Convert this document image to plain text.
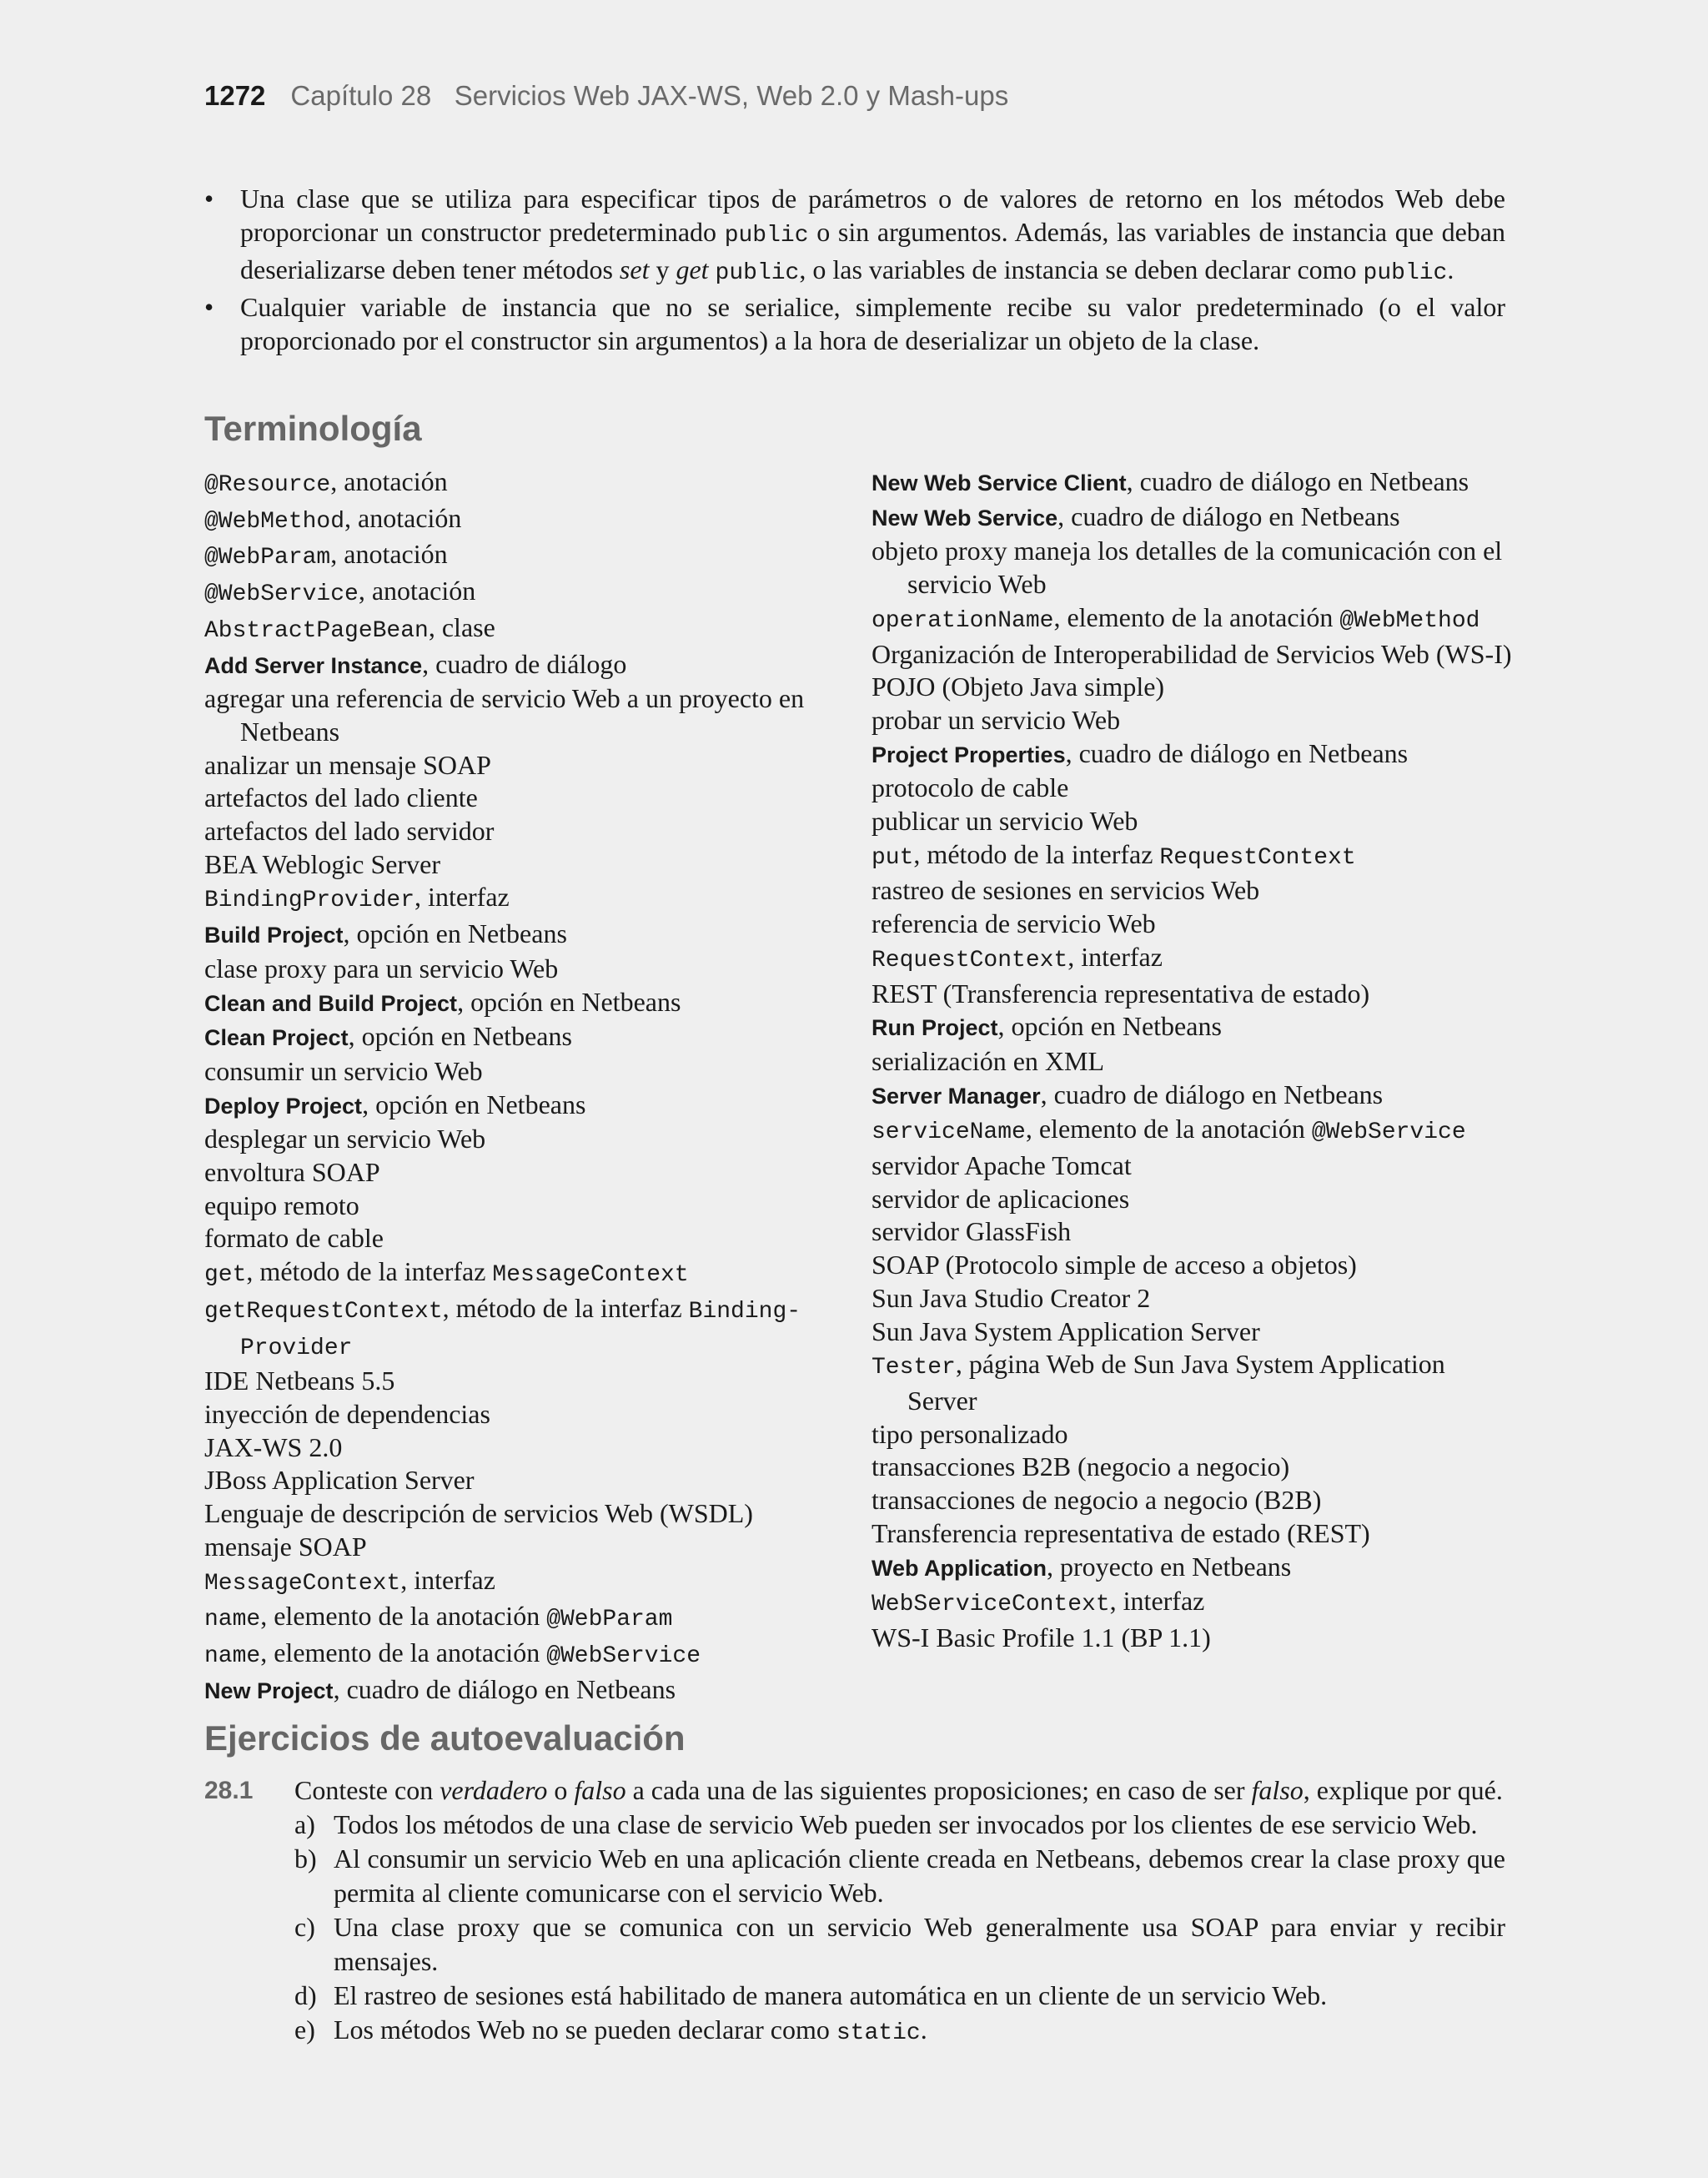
1272 Capítulo 28 Servicios Web JAX-WS, Web 2.0 y Mash-ups
• Una clase que se utiliza para especificar tipos de parámetros o de valores de retorno en los métodos Web debe proporcionar un constructor predeterminado public o sin argumentos. Además, las variables de instancia que deban deserializarse deben tener métodos set y get public, o las variables de instancia se deben declarar como public.
• Cualquier variable de instancia que no se serialice, simplemente recibe su valor predeterminado (o el valor proporcionado por el constructor sin argumentos) a la hora de deserializar un objeto de la clase.
Terminología
@Resource, anotación
@WebMethod, anotación
@WebParam, anotación
@WebService, anotación
AbstractPageBean, clase
Add Server Instance, cuadro de diálogo
agregar una referencia de servicio Web a un proyecto en Netbeans
analizar un mensaje SOAP
artefactos del lado cliente
artefactos del lado servidor
BEA Weblogic Server
BindingProvider, interfaz
Build Project, opción en Netbeans
clase proxy para un servicio Web
Clean and Build Project, opción en Netbeans
Clean Project, opción en Netbeans
consumir un servicio Web
Deploy Project, opción en Netbeans
desplegar un servicio Web
envoltura SOAP
equipo remoto
formato de cable
get, método de la interfaz MessageContext
getRequestContext, método de la interfaz Binding-Provider
IDE Netbeans 5.5
inyección de dependencias
JAX-WS 2.0
JBoss Application Server
Lenguaje de descripción de servicios Web (WSDL)
mensaje SOAP
MessageContext, interfaz
name, elemento de la anotación @WebParam
name, elemento de la anotación @WebService
New Project, cuadro de diálogo en Netbeans
New Web Service Client, cuadro de diálogo en Netbeans
New Web Service, cuadro de diálogo en Netbeans
objeto proxy maneja los detalles de la comunicación con el servicio Web
operationName, elemento de la anotación @WebMethod
Organización de Interoperabilidad de Servicios Web (WS-I)
POJO (Objeto Java simple)
probar un servicio Web
Project Properties, cuadro de diálogo en Netbeans
protocolo de cable
publicar un servicio Web
put, método de la interfaz RequestContext
rastreo de sesiones en servicios Web
referencia de servicio Web
RequestContext, interfaz
REST (Transferencia representativa de estado)
Run Project, opción en Netbeans
serialización en XML
Server Manager, cuadro de diálogo en Netbeans
serviceName, elemento de la anotación @WebService
servidor Apache Tomcat
servidor de aplicaciones
servidor GlassFish
SOAP (Protocolo simple de acceso a objetos)
Sun Java Studio Creator 2
Sun Java System Application Server
Tester, página Web de Sun Java System Application Server
tipo personalizado
transacciones B2B (negocio a negocio)
transacciones de negocio a negocio (B2B)
Transferencia representativa de estado (REST)
Web Application, proyecto en Netbeans
WebServiceContext, interfaz
WS-I Basic Profile 1.1 (BP 1.1)
Ejercicios de autoevaluación
28.1 Conteste con verdadero o falso a cada una de las siguientes proposiciones; en caso de ser falso, explique por qué.
a) Todos los métodos de una clase de servicio Web pueden ser invocados por los clientes de ese servicio Web.
b) Al consumir un servicio Web en una aplicación cliente creada en Netbeans, debemos crear la clase proxy que permita al cliente comunicarse con el servicio Web.
c) Una clase proxy que se comunica con un servicio Web generalmente usa SOAP para enviar y recibir mensajes.
d) El rastreo de sesiones está habilitado de manera automática en un cliente de un servicio Web.
e) Los métodos Web no se pueden declarar como static.
